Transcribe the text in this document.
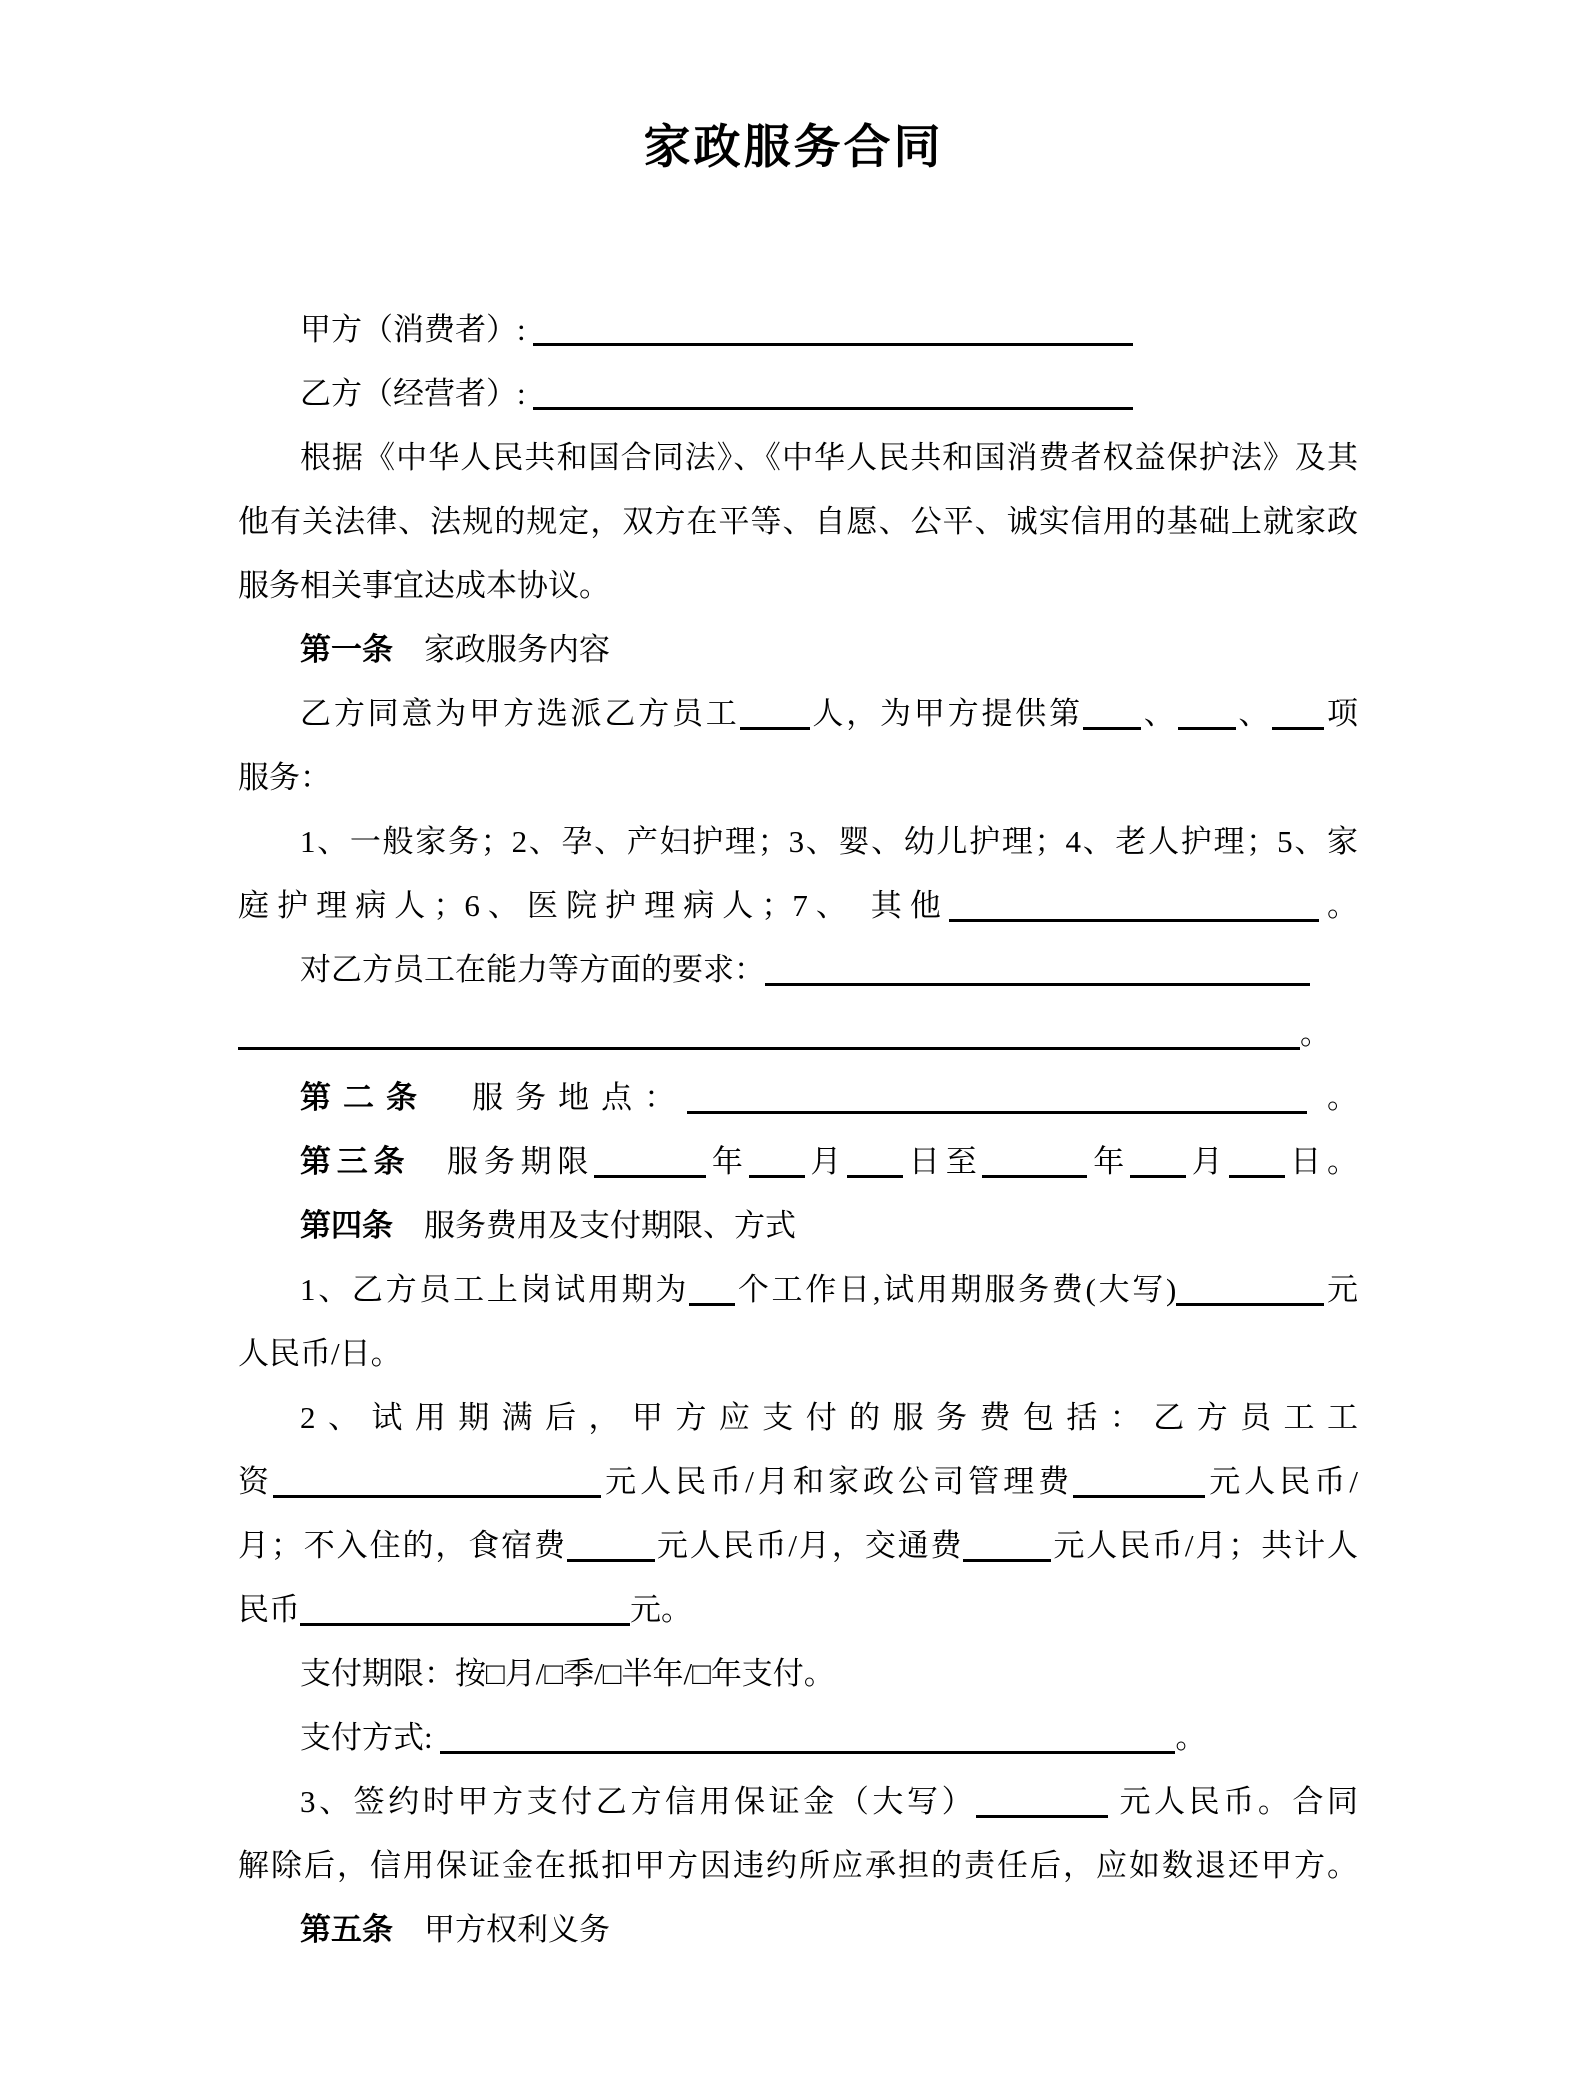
家政服务合同
甲方（消费者）:
乙方（经营者）:
根据《中华人民共和国合同法》、《中华人民共和国消费者权益保护法》及其
他有关法律、法规的规定，双方在平等、自愿、公平、诚实信用的基础上就家政
服务相关事宜达成本协议。
第一条　家政服务内容
乙方同意为甲方选派乙方员工 人，为甲方提供第 、 、 项
服务：
1、一般家务；2、孕、产妇护理；3、婴、幼儿护理；4、老人护理；5、家
庭护理病人；6、医院护理病人；7、 其他	。
对乙方员工在能力等方面的要求：
。
第二条　服务地点：	。
第三条　服务期限	年 月 日至	年 月 日。
第四条　服务费用及支付期限、方式
1、乙方员工上岗试用期为 个工作日,试用期服务费(大写)	元
人民币/日。
2、试用期满后，甲方应支付的服务费包括：乙方员工工
资	元人民币/月和家政公司管理费	元人民币/
月；不入住的，食宿费	元人民币/月，交通费	元人民币/月；共计人
民币	元。
支付期限：按□月/□季/□半年/□年支付。
支付方式:	。
3、签约时甲方支付乙方信用保证金（大写）	元人民币。合同
解除后，信用保证金在抵扣甲方因违约所应承担的责任后，应如数退还甲方。
第五条　甲方权利义务
